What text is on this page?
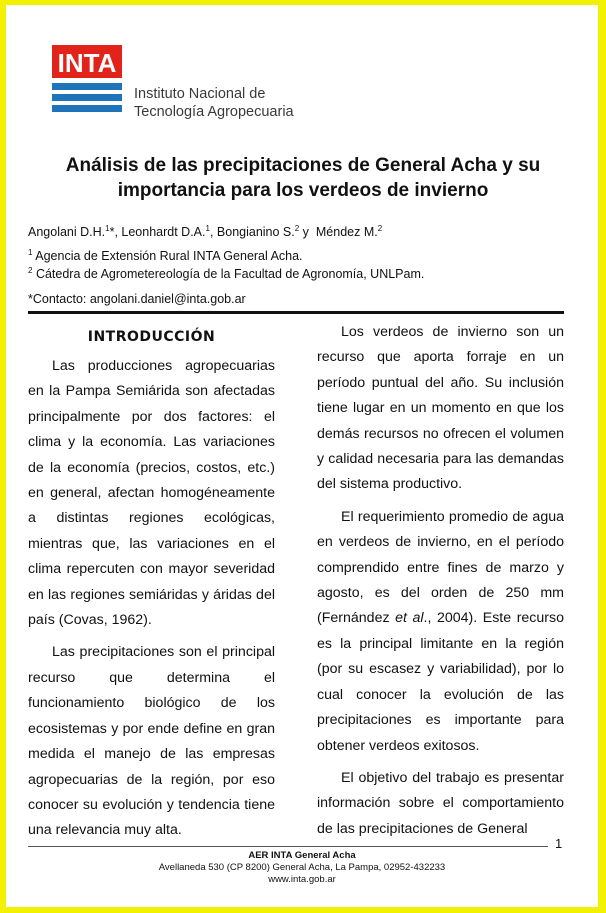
INTA
Instituto Nacional de
Tecnología Agropecuaria
Análisis de las precipitaciones de General Acha y su
importancia para los verdeos de invierno
Angolani D.H.$^1$*, Leonhardt D.A.$^1$, Bongianino S.$^2$ y  Méndez M.$^2$
$^1$ Agencia de Extensión Rural INTA General Acha.
$^2$ Cátedra de Agrometereología de la Facultad de Agronomía, UNLPam.
*Contacto: angolani.daniel@inta.gob.ar
INTRODUCCIÓN

Las producciones agropecuarias en la Pampa Semiárida son afectadas principalmente por dos factores: el clima y la economía. Las variaciones de la economía (precios, costos, etc.) en general, afectan homogéneamente a distintas regiones ecológicas, mientras que, las variaciones en el clima repercuten con mayor severidad en las regiones semiáridas y áridas del país (Covas, 1962).

Las precipitaciones son el principal recurso que determina el funcionamiento biológico de los ecosistemas y por ende define en gran medida el manejo de las empresas agropecuarias de la región, por eso conocer su evolución y tendencia tiene una relevancia muy alta.

Los verdeos de invierno son un recurso que aporta forraje en un período puntual del año. Su inclusión tiene lugar en un momento en que los demás recursos no ofrecen el volumen y calidad necesaria para las demandas del sistema productivo.

El requerimiento promedio de agua en verdeos de invierno, en el período comprendido entre fines de marzo y agosto, es del orden de 250 mm (Fernández et al., 2004). Este recurso es la principal limitante en la región (por su escasez y variabilidad), por lo cual conocer la evolución de las precipitaciones es importante para obtener verdeos exitosos.

El objetivo del trabajo es presentar información sobre el comportamiento de las precipitaciones de General

1
AER INTA General Acha
Avellaneda 530 (CP 8200) General Acha, La Pampa, 02952-432233
www.inta.gob.ar
